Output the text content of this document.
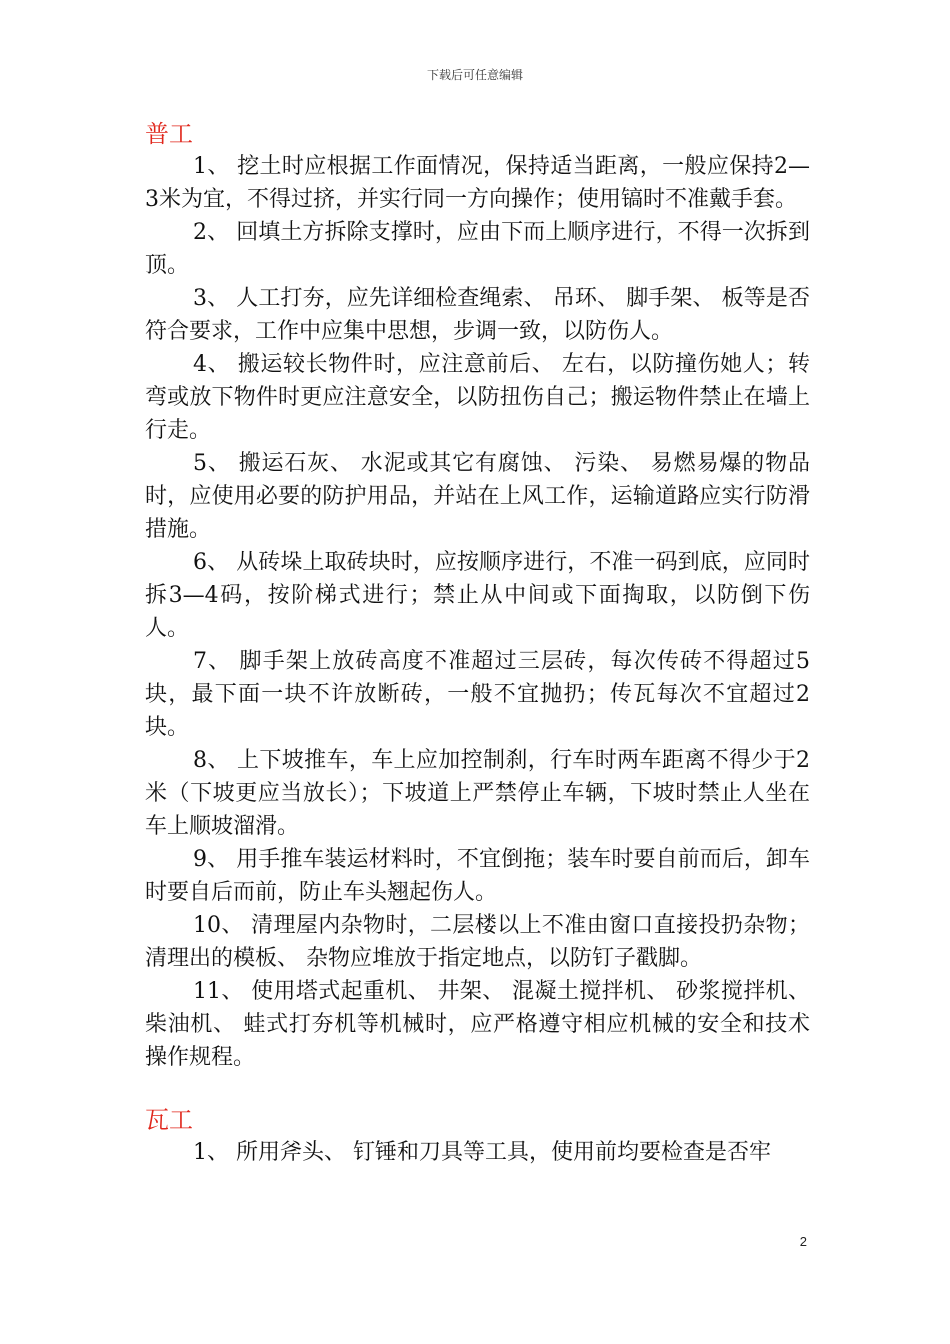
下载后可任意编辑
普工

1、 挖土时应根据工作面情况，保持适当距离，一般应保持2—3米为宜，不得过挤，并实行同一方向操作；使用镐时不准戴手套。

2、 回填土方拆除支撑时，应由下而上顺序进行，不得一次拆到顶。

3、 人工打夯，应先详细检查绳索、 吊环、 脚手架、 板等是否符合要求，工作中应集中思想，步调一致，以防伤人。

4、 搬运较长物件时，应注意前后、 左右，以防撞伤她人；转弯或放下物件时更应注意安全，以防扭伤自己；搬运物件禁止在墙上行走。

5、 搬运石灰、 水泥或其它有腐蚀、 污染、 易燃易爆的物品时，应使用必要的防护用品，并站在上风工作，运输道路应实行防滑措施。

6、 从砖垛上取砖块时，应按顺序进行，不准一码到底，应同时拆3—4码，按阶梯式进行；禁止从中间或下面掏取，以防倒下伤人。

7、 脚手架上放砖高度不准超过三层砖，每次传砖不得超过5块，最下面一块不许放断砖，一般不宜抛扔；传瓦每次不宜超过2块。

8、 上下坡推车，车上应加控制刹，行车时两车距离不得少于2米（下坡更应当放长）；下坡道上严禁停止车辆，下坡时禁止人坐在车上顺坡溜滑。

9、 用手推车装运材料时，不宜倒拖；装车时要自前而后，卸车时要自后而前，防止车头翘起伤人。

10、 清理屋内杂物时，二层楼以上不准由窗口直接投扔杂物；清理出的模板、 杂物应堆放于指定地点，以防钉子戳脚。

11、 使用塔式起重机、 井架、 混凝土搅拌机、 砂浆搅拌机、 柴油机、 蛙式打夯机等机械时，应严格遵守相应机械的安全和技术操作规程。

瓦工

1、 所用斧头、 钉锤和刀具等工具，使用前均要检查是否牢

2
